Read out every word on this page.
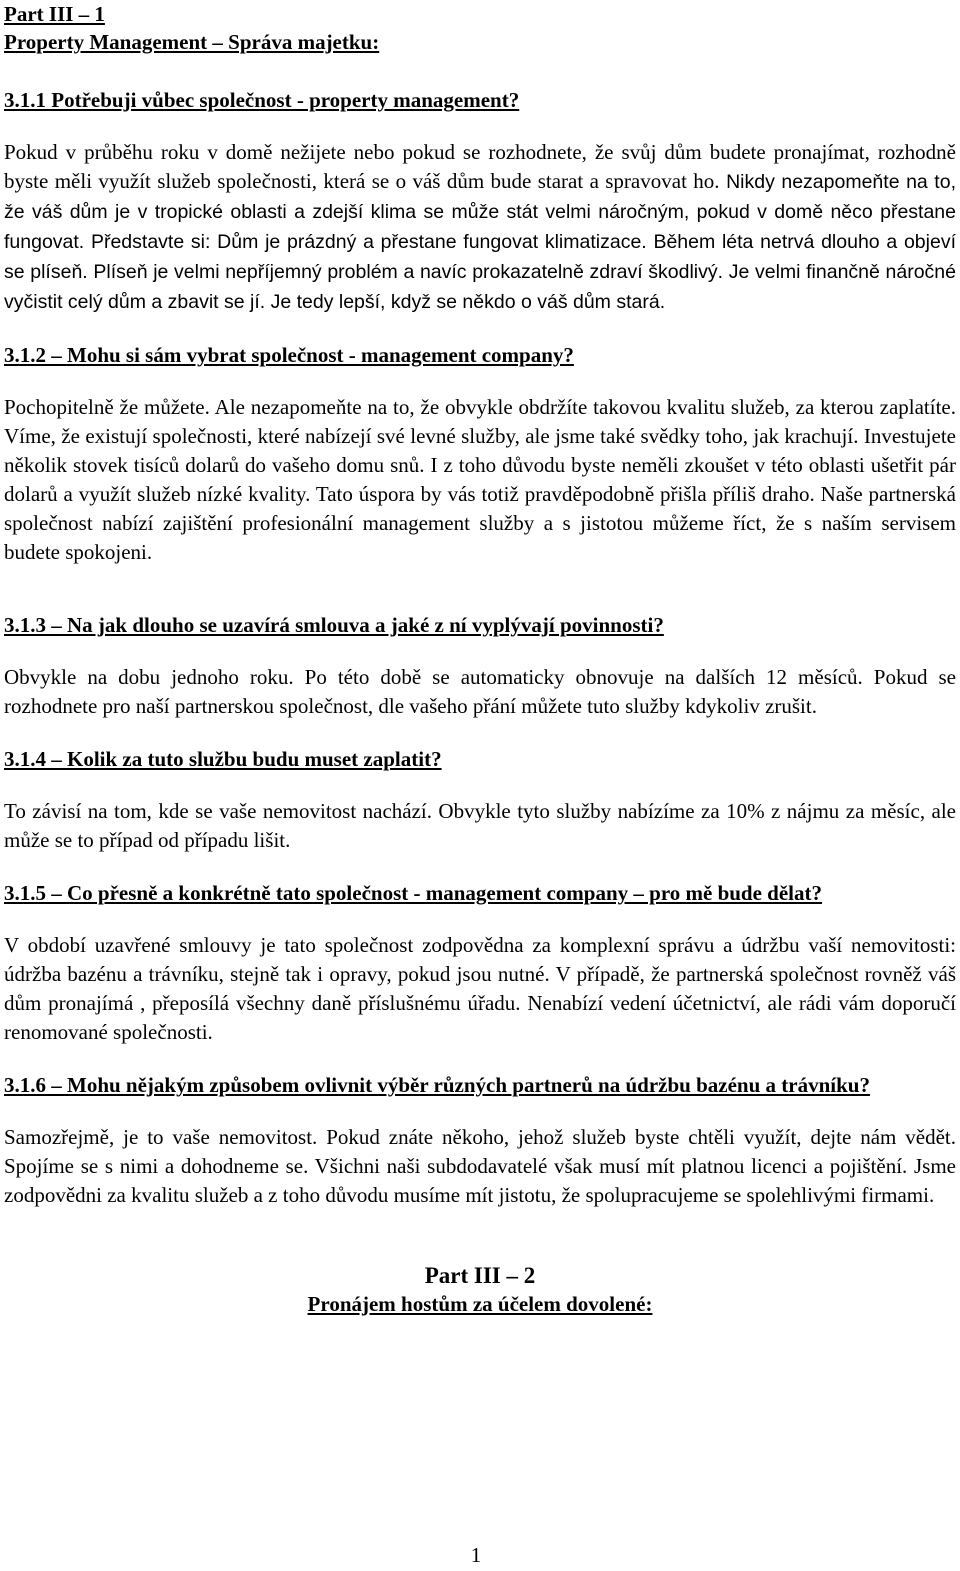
Part III – 1

Property Management – Správa majetku:

3.1.1 Potřebuji vůbec společnost - property management?

Pokud v průběhu roku v domě nežijete nebo pokud se rozhodnete, že svůj dům budete pronajímat, rozhodně byste měli využít služeb společnosti, která se o váš dům bude starat a spravovat ho. Nikdy nezapomeňte na to, že váš dům je v tropické oblasti a zdejší klima se může stát velmi náročným, pokud v domě něco přestane fungovat. Představte si: Dům je prázdný a přestane fungovat klimatizace. Během léta netrvá dlouho a objeví se plíseň. Plíseň je velmi nepříjemný problém a navíc prokazatelně zdraví škodlivý. Je velmi finančně náročné vyčistit celý dům a zbavit se jí. Je tedy lepší, když se někdo o váš dům stará.

3.1.2 – Mohu si sám vybrat společnost - management company?

Pochopitelně že můžete. Ale nezapomeňte na to, že obvykle obdržíte takovou kvalitu služeb, za kterou zaplatíte. Víme, že existují společnosti, které nabízejí své levné služby, ale jsme také svědky toho, jak krachují. Investujete několik stovek tisíců dolarů do vašeho domu snů. I z toho důvodu byste neměli zkoušet v této oblasti ušetřit pár dolarů a využít služeb nízké kvality. Tato úspora by vás totiž pravděpodobně přišla příliš draho. Naše partnerská společnost nabízí zajištění profesionální management služby a s jistotou můžeme říct, že s naším servisem budete spokojeni.

3.1.3 – Na jak dlouho se uzavírá smlouva a jaké z ní vyplývají povinnosti?

Obvykle na dobu jednoho roku. Po této době se automaticky obnovuje na dalších 12 měsíců. Pokud se rozhodnete pro naší partnerskou společnost, dle vašeho přání můžete tuto služby kdykoliv zrušit.

3.1.4 – Kolik za tuto službu budu muset zaplatit?

To závisí na tom, kde se vaše nemovitost nachází. Obvykle tyto služby nabízíme za 10% z nájmu za měsíc, ale může se to případ od případu lišit.

3.1.5 – Co přesně a konkrétně tato společnost - management company – pro mě bude dělat?

V období uzavřené smlouvy je tato společnost zodpovědna za komplexní správu a údržbu vaší nemovitosti: údržba bazénu a trávníku, stejně tak i opravy, pokud jsou nutné. V případě, že partnerská společnost rovněž váš dům pronajímá , přeposílá všechny daně příslušnému úřadu. Nenabízí vedení účetnictví, ale rádi vám doporučí renomované společnosti.

3.1.6 – Mohu nějakým způsobem ovlivnit výběr různých partnerů na údržbu bazénu a trávníku?

Samozřejmě, je to vaše nemovitost. Pokud znáte někoho, jehož služeb byste chtěli využít, dejte nám vědět. Spojíme se s nimi a dohodneme se. Všichni naši subdodavatelé však musí mít platnou licenci a pojištění. Jsme zodpovědni za kvalitu služeb a z toho důvodu musíme mít jistotu, že spolupracujeme se spolehlivými firmami.

Part III – 2

Pronájem hostům za účelem dovolené:

1
